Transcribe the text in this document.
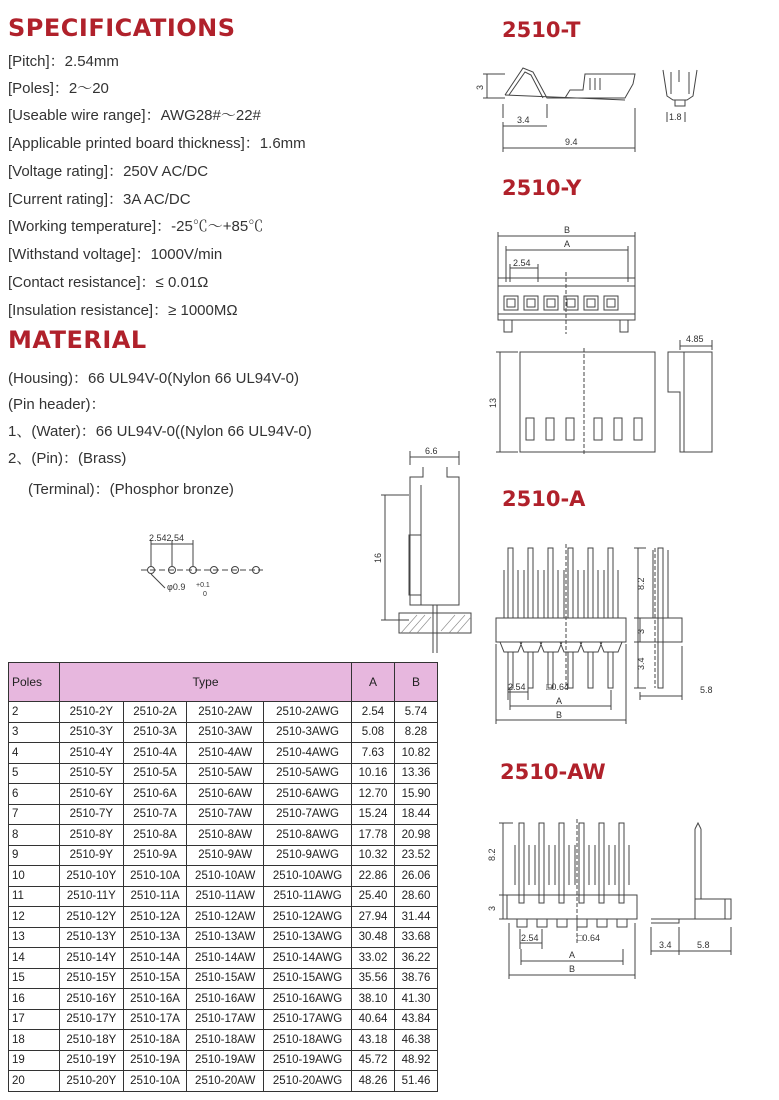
SPECIFICATIONS
[Pitch]：2.54mm
[Poles]：2～20
[Useable wire range]：AWG28#～22#
[Applicable printed board thickness]：1.6mm
[Voltage rating]：250V AC/DC
[Current rating]：3A AC/DC
[Working temperature]：-25℃～+85℃
[Withstand voltage]：1000V/min
[Contact resistance]：≤ 0.01Ω
[Insulation resistance]：≥ 1000MΩ
MATERIAL
(Housing)：66 UL94V-0(Nylon 66 UL94V-0)
(Pin header)：
1、(Water)：66 UL94V-0((Nylon 66 UL94V-0)
2、(Pin)：(Brass)
(Terminal)：(Phosphor bronze)
2510-T
2510-Y
2510-A
2510-AW
3
3.4
9.4
1.8
B
A
2.54
4.85
13
6.6
16
2.542.54
φ0.9 +0.1
0
8.2
3
3.4
2.54 □0.64
A
B
5.8
8.2
3
2.54	□0.64
A
B
3.4	5.8
Poles	Type				A	B
2	2510-2Y	2510-2A	2510-2AW	2510-2AWG	2.54	5.74
3	2510-3Y	2510-3A	2510-3AW	2510-3AWG	5.08	8.28
4	2510-4Y	2510-4A	2510-4AW	2510-4AWG	7.63	10.82
5	2510-5Y	2510-5A	2510-5AW	2510-5AWG	10.16	13.36
6	2510-6Y	2510-6A	2510-6AW	2510-6AWG	12.70	15.90
7	2510-7Y	2510-7A	2510-7AW	2510-7AWG	15.24	18.44
8	2510-8Y	2510-8A	2510-8AW	2510-8AWG	17.78	20.98
9	2510-9Y	2510-9A	2510-9AW	2510-9AWG	10.32	23.52
10	2510-10Y	2510-10A	2510-10AW	2510-10AWG	22.86	26.06
11	2510-11Y	2510-11A	2510-11AW	2510-11AWG	25.40	28.60
12	2510-12Y	2510-12A	2510-12AW	2510-12AWG	27.94	31.44
13	2510-13Y	2510-13A	2510-13AW	2510-13AWG	30.48	33.68
14	2510-14Y	2510-14A	2510-14AW	2510-14AWG	33.02	36.22
15	2510-15Y	2510-15A	2510-15AW	2510-15AWG	35.56	38.76
16	2510-16Y	2510-16A	2510-16AW	2510-16AWG	38.10	41.30
17	2510-17Y	2510-17A	2510-17AW	2510-17AWG	40.64	43.84
18	2510-18Y	2510-18A	2510-18AW	2510-18AWG	43.18	46.38
19	2510-19Y	2510-19A	2510-19AW	2510-19AWG	45.72	48.92
20	2510-20Y	2510-10A	2510-20AW	2510-20AWG	48.26	51.46
